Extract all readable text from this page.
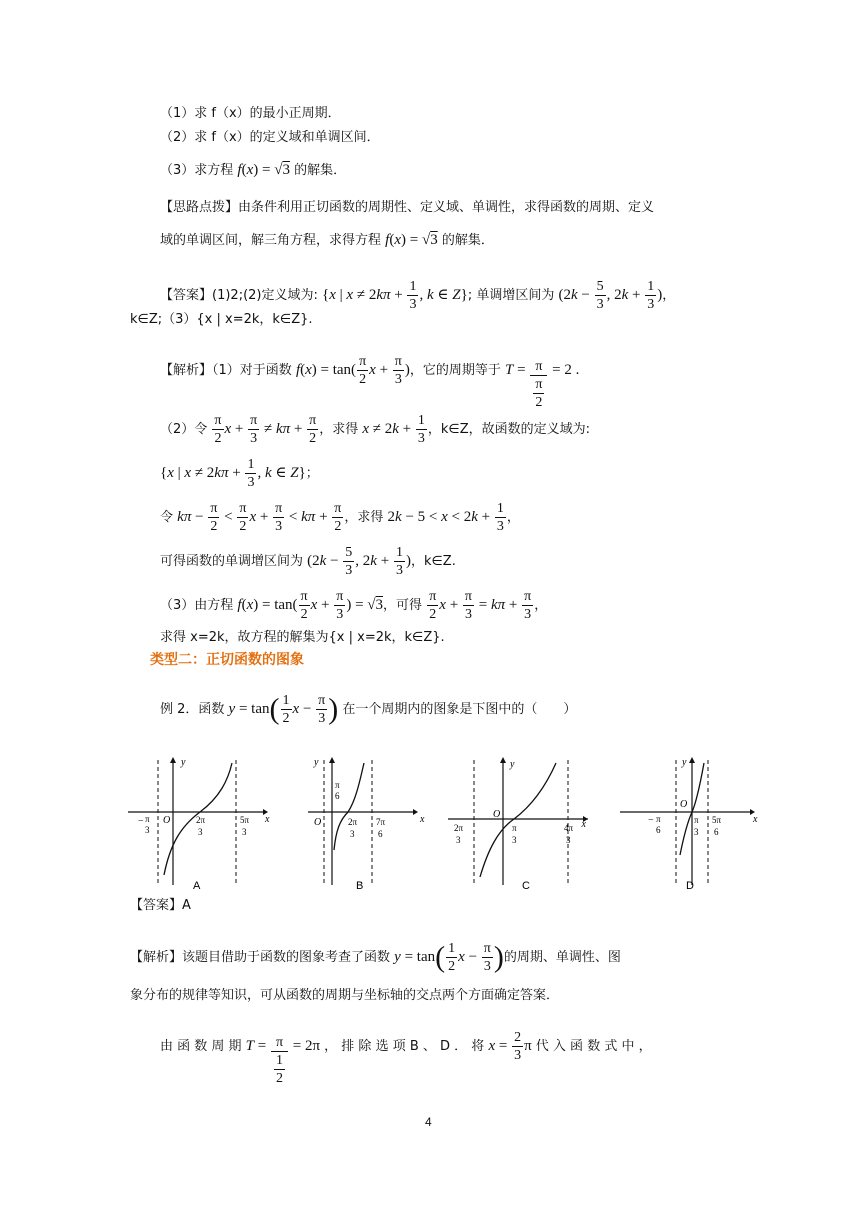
（1）求 f（x）的最小正周期．
（2）求 f（x）的定义域和单调区间．
（3）求方程 f(x) = √3 的解集．
【思路点拨】由条件利用正切函数的周期性、定义域、单调性，求得函数的周期、定义
域的单调区间，解三角方程，求得方程 f(x) = √3 的解集．
【答案】(1)2;(2)定义域为: {x | $x \ne 2k\pi + \frac{1}{3}$ , k ∈ Z}; 单调增区间为 ($2k - \frac{5}{3}$ , $2k + \frac{1}{3}$ )，
k∈Z;（3）{x | x=2k，k∈Z}.
【解析】（1）对于函数 $f(x) = \tan( \frac{\pi}{2}$ $x + \frac{\pi}{3}$ )，它的周期等于 $T = \frac{\pi}{\frac{\pi}{2}} = 2$ .
（2）令 $\frac{\pi}{2}$ $x + \frac{\pi}{3} \ne k\pi + \frac{\pi}{2}$ ，求得 $x \ne 2k + \frac{1}{3}$ ，k∈Z，故函数的定义域为:
{x | $x \ne 2k\pi + \frac{1}{3}$ , k ∈ Z}；
令 $k\pi - \frac{\pi}{2} < \frac{\pi}{2}$ $x + \frac{\pi}{3} < k\pi + \frac{\pi}{2}$ ，求得 $2k - 5 < x < 2k + \frac{1}{3}$ ，
可得函数的单调增区间为 ($2k - \frac{5}{3}$ , $2k + \frac{1}{3}$ )，k∈Z.
（3）由方程 $f(x) = \tan( \frac{\pi}{2}$ $x + \frac{\pi}{3}$ ) = √3，可得 $\frac{\pi}{2}$ $x + \frac{\pi}{3} = k\pi + \frac{\pi}{3}$ ，
求得 x=2k，故方程的解集为{x | x=2k，k∈Z}.
类型二：正切函数的图象
例 2．函数 $y = \tan( \frac{1}{2}$ $x - \frac{\pi}{3}$ ) 在一个周期内的图象是下图中的（　　）
y
x
O
− π
3
2π
3
5π
3
A
y
x
O
π
6
2π
3
7π
6
B
y
x
O
2π
3
π
3
4π
3
C
y
x
O
− π
6
π
3
5π
6
D
【答案】A
【解析】该题目借助于函数的图象考查了函数 $y = \tan( \frac{1}{2}$ $x - \frac{\pi}{3}$ )的周期、单调性、图
象分布的规律等知识，可从函数的周期与坐标轴的交点两个方面确定答案．
由 函 数 周 期 $T = \frac{\pi}{\frac{1}{2}} = 2\pi$ ， 排 除 选 项 B 、 D ． 将 $x = \frac{2}{3}$ π 代 入 函 数 式 中 ，
4
